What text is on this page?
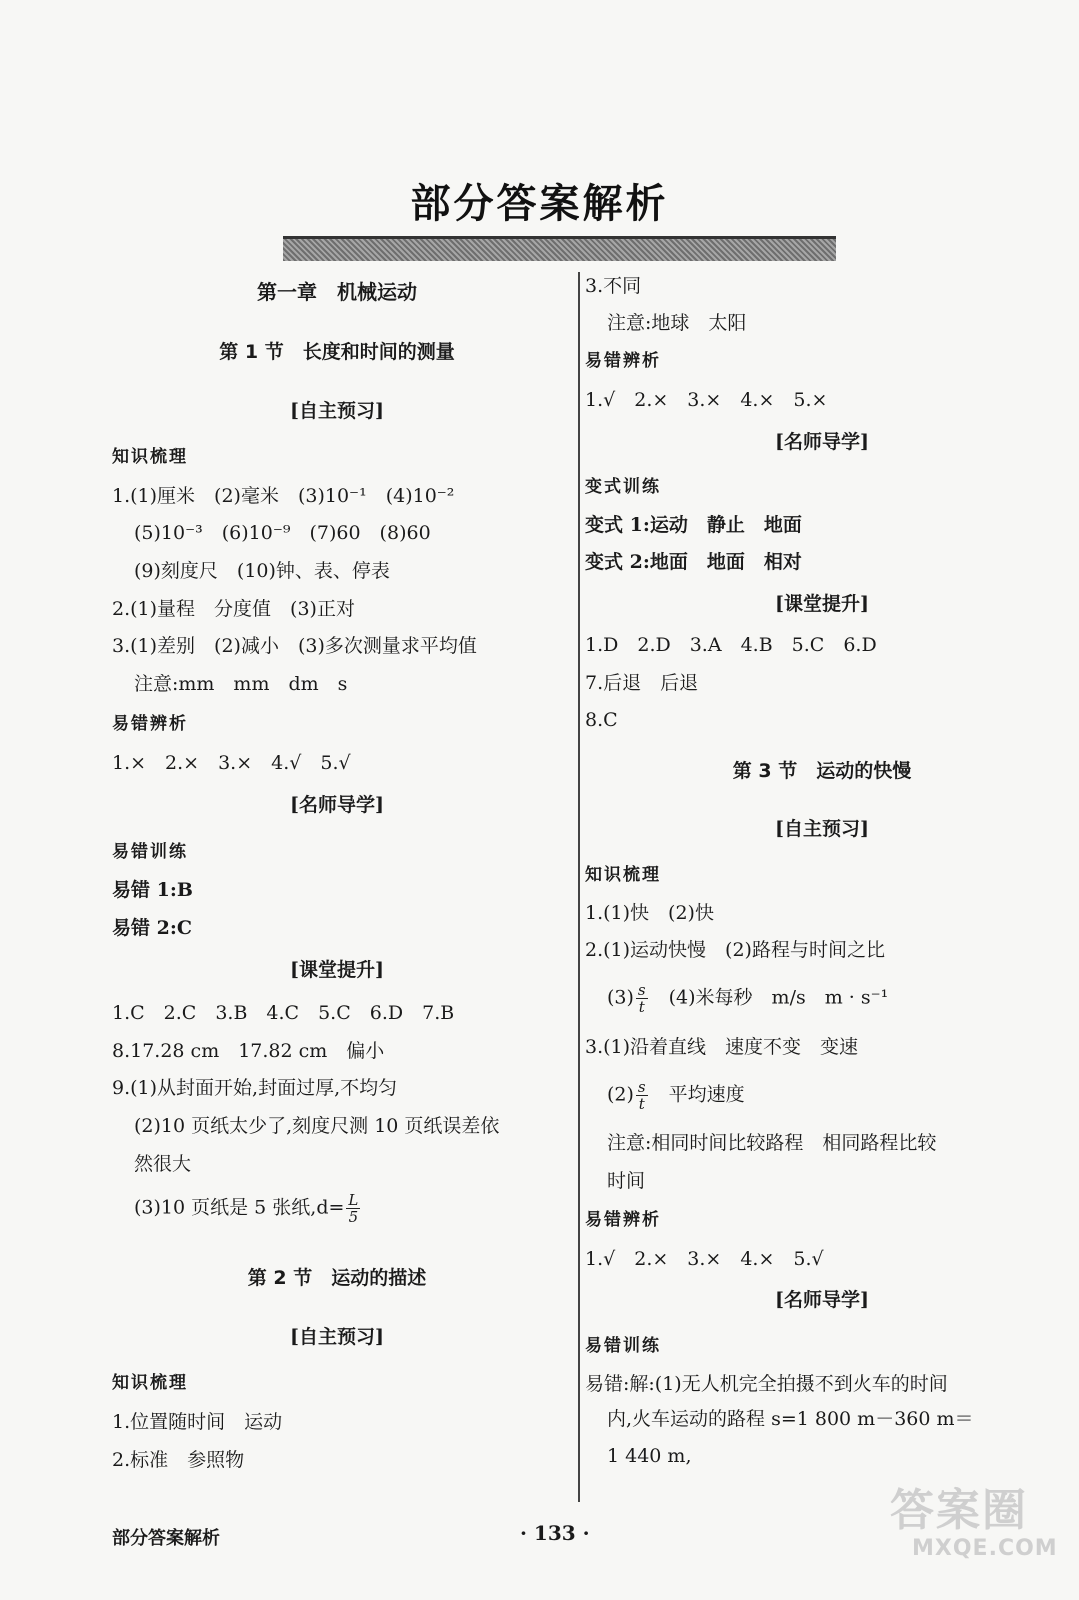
部分答案解析
第一章　机械运动
第 1 节　长度和时间的测量
[自主预习]
知识梳理
1.(1)厘米　(2)毫米　(3)10⁻¹　(4)10⁻²
(5)10⁻³　(6)10⁻⁹　(7)60　(8)60
(9)刻度尺　(10)钟、表、停表
2.(1)量程　分度值　(3)正对
3.(1)差别　(2)减小　(3)多次测量求平均值
注意:mm　mm　dm　s
易错辨析
1.×　2.×　3.×　4.√　5.√
[名师导学]
易错训练
易错 1:B
易错 2:C
[课堂提升]
1.C　2.C　3.B　4.C　5.C　6.D　7.B
8.17.28 cm　17.82 cm　偏小
9.(1)从封面开始,封面过厚,不均匀
(2)10 页纸太少了,刻度尺测 10 页纸误差依
然很大
(3)10 页纸是 5 张纸$,d= \frac{L}{5}$
第 2 节　运动的描述
[自主预习]
知识梳理
1.位置随时间　运动
2.标准　参照物
3.不同
注意:地球　太阳
易错辨析
1.√　2.×　3.×　4.×　5.×
[名师导学]
变式训练
变式 1:运动　静止　地面
变式 2:地面　地面　相对
[课堂提升]
1.D　2.D　3.A　4.B　5.C　6.D
7.后退　后退
8.C
第 3 节　运动的快慢
[自主预习]
知识梳理
1.(1)快　(2)快
2.(1)运动快慢　(2)路程与时间之比
$(3) \frac{s}{t}$
　 (4)米每秒　m/s　m · s⁻¹
3.(1)沿着直线　速度不变　变速
$(2) \frac{s}{t}$
　 平均速度
注意:相同时间比较路程　相同路程比较
时间
易错辨析
1.√　2.×　3.×　4.×　5.√
[名师导学]
易错训练
易错:解:(1)无人机完全拍摄不到火车的时间
内,火车运动的路程 s=1 800 m－360 m＝
1 440 m,
部分答案解析	· 133 ·	答案圈
MXQE.COM
